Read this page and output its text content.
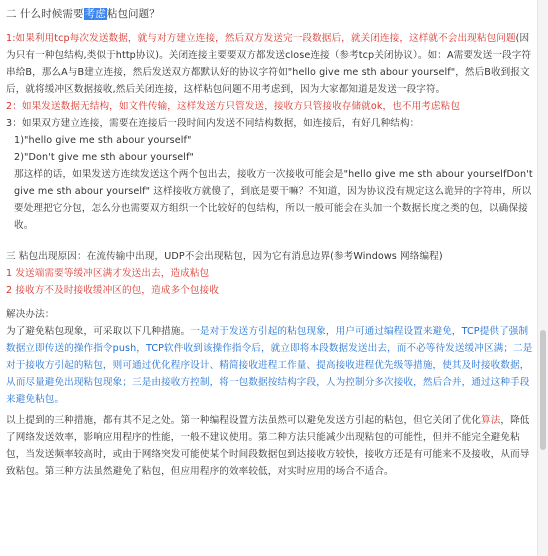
二 什么时候需要考虑粘包问题？

1:如果利用tcp每次发送数据，就与对方建立连接，然后双方发送完一段数据后，就关闭连接，这样就不会出现粘包问题(因为只有一种包结构,类似于http协议)。关闭连接主要要双方都发送close连接（参考tcp关闭协议）。如：A需要发送一段字符串给B，那么A与B建立连接，然后发送双方都默认好的协议字符如"hello give me sth abour yourself"，然后B收到报文后，就将缓冲区数据接收,然后关闭连接，这样粘包问题不用考虑到，因为大家都知道是发送一段字符。

2：如果发送数据无结构，如文件传输，这样发送方只管发送，接收方只管接收存储就ok，也不用考虑粘包

3：如果双方建立连接，需要在连接后一段时间内发送不同结构数据，如连接后，有好几种结构：

1)"hello give me sth abour yourself"

2)"Don't give me sth abour yourself"

那这样的话，如果发送方连续发送这个两个包出去，接收方一次接收可能会是"hello give me sth abour yourselfDon't give me sth abour yourself" 这样接收方就傻了，到底是要干嘛？不知道，因为协议没有规定这么诡异的字符串，所以要处理把它分包，怎么分也需要双方组织一个比较好的包结构，所以一般可能会在头加一个数据长度之类的包，以确保接收。

三 粘包出现原因：在流传输中出现，UDP不会出现粘包，因为它有消息边界(参考Windows 网络编程)

1 发送端需要等缓冲区满才发送出去，造成粘包

2 接收方不及时接收缓冲区的包，造成多个包接收

解决办法：

为了避免粘包现象，可采取以下几种措施。一是对于发送方引起的粘包现象，用户可通过编程设置来避免，TCP提供了强制数据立即传送的操作指令push，TCP软件收到该操作指令后，就立即将本段数据发送出去，而不必等待发送缓冲区满；二是对于接收方引起的粘包，则可通过优化程序设计、精简接收进程工作量、提高接收进程优先级等措施，使其及时接收数据，从而尽量避免出现粘包现象；三是由接收方控制，将一包数据按结构字段，人为控制分多次接收，然后合并，通过这种手段来避免粘包。

以上提到的三种措施，都有其不足之处。第一种编程设置方法虽然可以避免发送方引起的粘包，但它关闭了优化算法，降低了网络发送效率，影响应用程序的性能，一般不建议使用。第二种方法只能减少出现粘包的可能性，但并不能完全避免粘包，当发送频率较高时，或由于网络突发可能使某个时间段数据包到达接收方较快，接收方还是有可能来不及接收，从而导致粘包。第三种方法虽然避免了粘包，但应用程序的效率较低，对实时应用的场合不适合。
